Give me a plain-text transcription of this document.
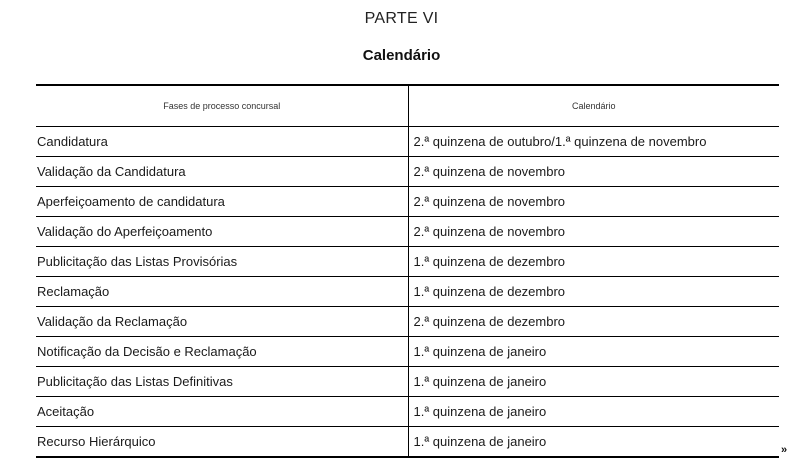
PARTE VI
Calendário
Fases de processo concursal	Calendário
Candidatura	2.ª quinzena de outubro/1.ª quinzena de novembro
Validação da Candidatura	2.ª quinzena de novembro
Aperfeiçoamento de candidatura	2.ª quinzena de novembro
Validação do Aperfeiçoamento	2.ª quinzena de novembro
Publicitação das Listas Provisórias	1.ª quinzena de dezembro
Reclamação	1.ª quinzena de dezembro
Validação da Reclamação	2.ª quinzena de dezembro
Notificação da Decisão e Reclamação	1.ª quinzena de janeiro
Publicitação das Listas Definitivas	1.ª quinzena de janeiro
Aceitação	1.ª quinzena de janeiro
Recurso Hierárquico	1.ª quinzena de janeiro
»
